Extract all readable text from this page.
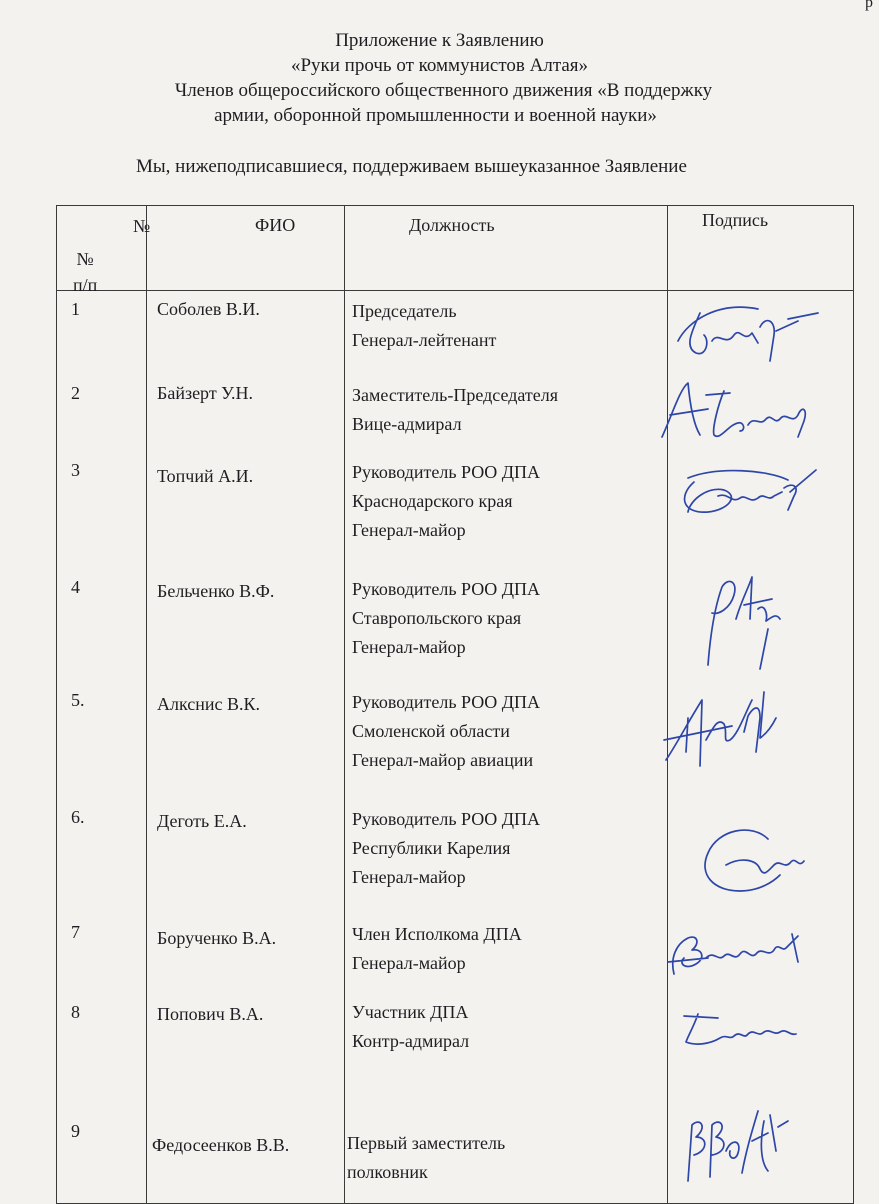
р
Приложение к Заявлению
«Руки прочь от коммунистов Алтая»
Членов общероссийского общественного движения «В поддержку
армии, оборонной промышленности и военной науки»
Мы, нижеподписавшиеся, поддерживаем вышеуказанное Заявление
№
№
п/п	ФИО	Должность	Подпись

1	Соболев В.И.	Председатель
Генерал-лейтенант

2	Байзерт У.Н.	Заместитель-Председателя
Вице-адмирал

3	Топчий А.И.	Руководитель РОО ДПА
Краснодарского края
Генерал-майор

4	Бельченко В.Ф.	Руководитель РОО ДПА
Ставропольского края
Генерал-майор

5.	Алкснис В.К.	Руководитель РОО ДПА
Смоленской области
Генерал-майор авиации

6.	Деготь Е.А.	Руководитель РОО ДПА
Республики Карелия
Генерал-майор

7	Борученко В.А.	Член Исполкома ДПА
Генерал-майор

8	Попович В.А.	Участник ДПА
Контр-адмирал

9	Федосеенков В.В.	Первый заместитель
полковник
